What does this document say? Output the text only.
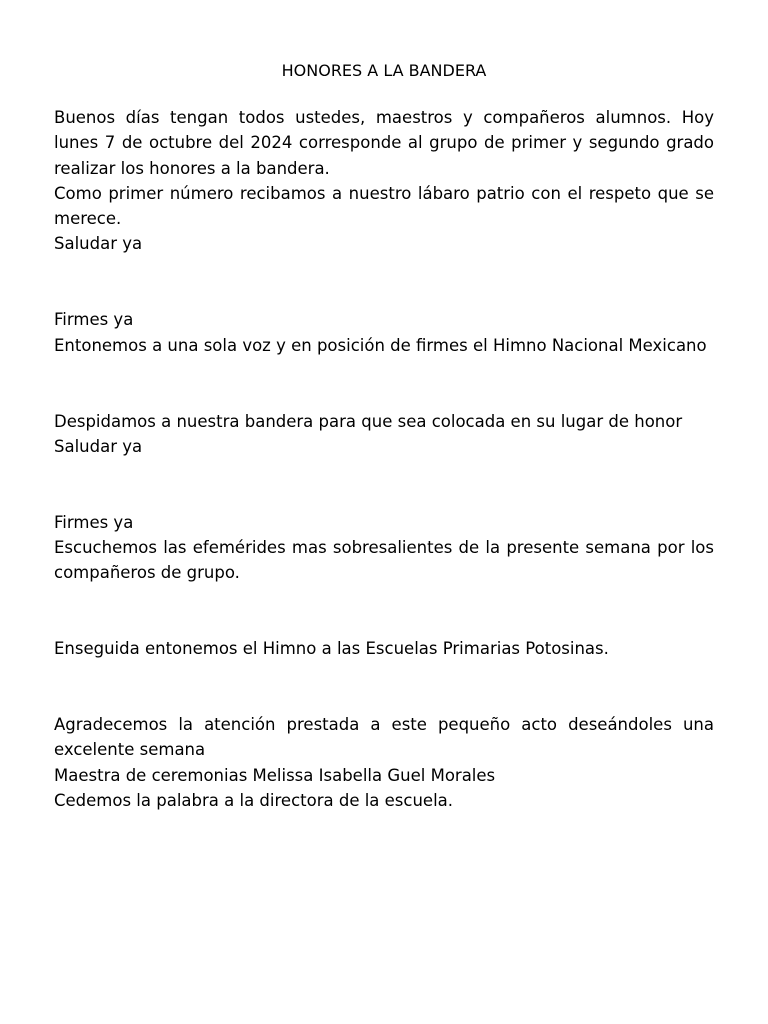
HONORES A LA BANDERA

Buenos días tengan todos ustedes, maestros y compañeros alumnos. Hoy lunes 7 de octubre del 2024 corresponde al grupo de primer y segundo grado realizar los honores a la bandera.

Como primer número recibamos a nuestro lábaro patrio con el respeto que se merece.

Saludar ya

Firmes ya

Entonemos a una sola voz y en posición de firmes el Himno Nacional Mexicano

Despidamos a nuestra bandera para que sea colocada en su lugar de honor

Saludar ya

Firmes ya

Escuchemos las efemérides mas sobresalientes de la presente semana por los compañeros de grupo.

Enseguida entonemos el Himno a las Escuelas Primarias Potosinas.

Agradecemos la atención prestada a este pequeño acto deseándoles una excelente semana

Maestra de ceremonias Melissa Isabella Guel Morales

Cedemos la palabra a la directora de la escuela.
